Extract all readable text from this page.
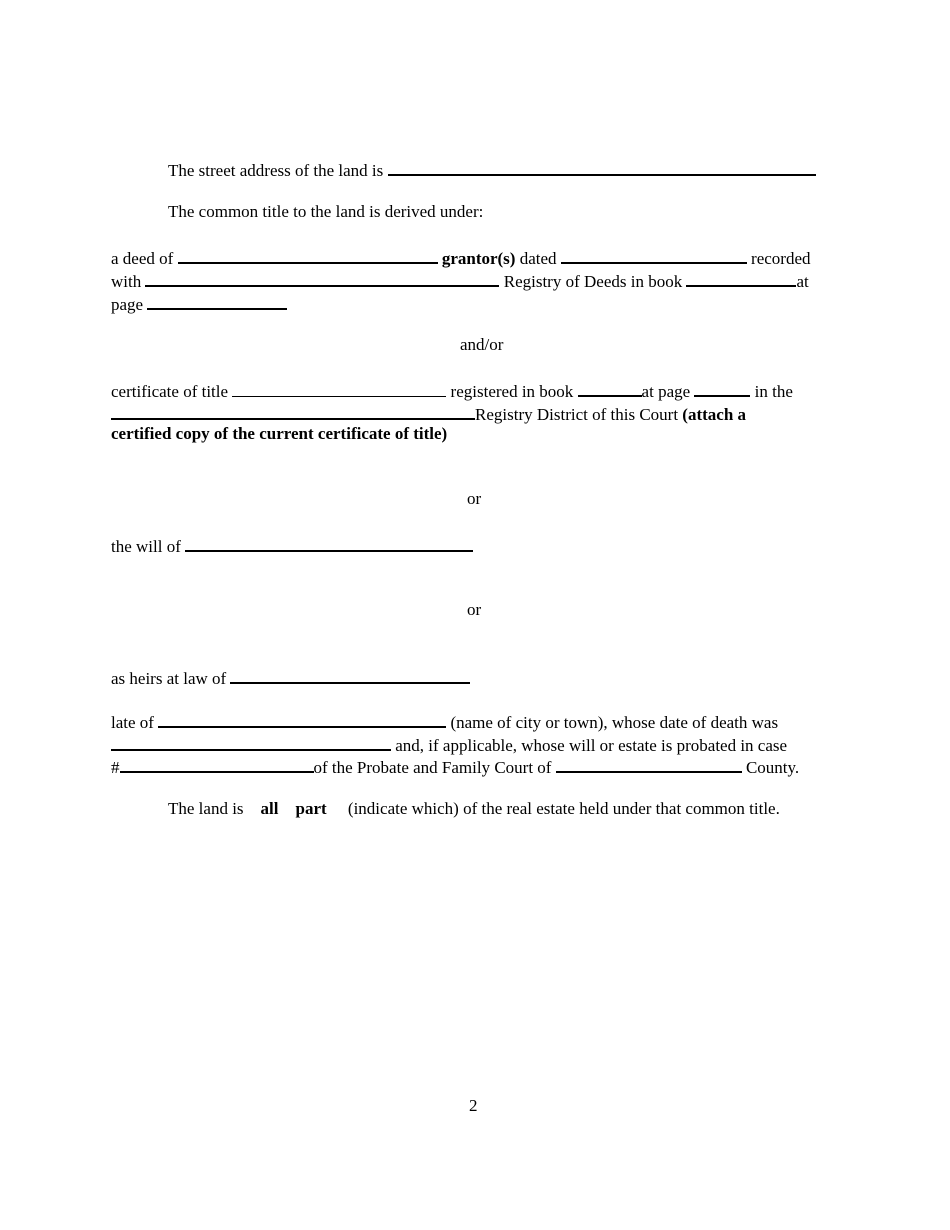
The street address of the land is
The common title to the land is derived under:
a deed of	grantor(s) dated	recorded
with	Registry of Deeds in book	at
page
and/or
certificate of title	registered in book	at page	in the
Registry District of this Court (attach a
certified copy of the current certificate of title)
or
the will of
or
as heirs at law of
late of	(name of city or town), whose date of death was
and, if applicable, whose will or estate is probated in case
#	of the Probate and Family Court of	County.
The land is all part (indicate which) of the real estate held under that common title.
2
